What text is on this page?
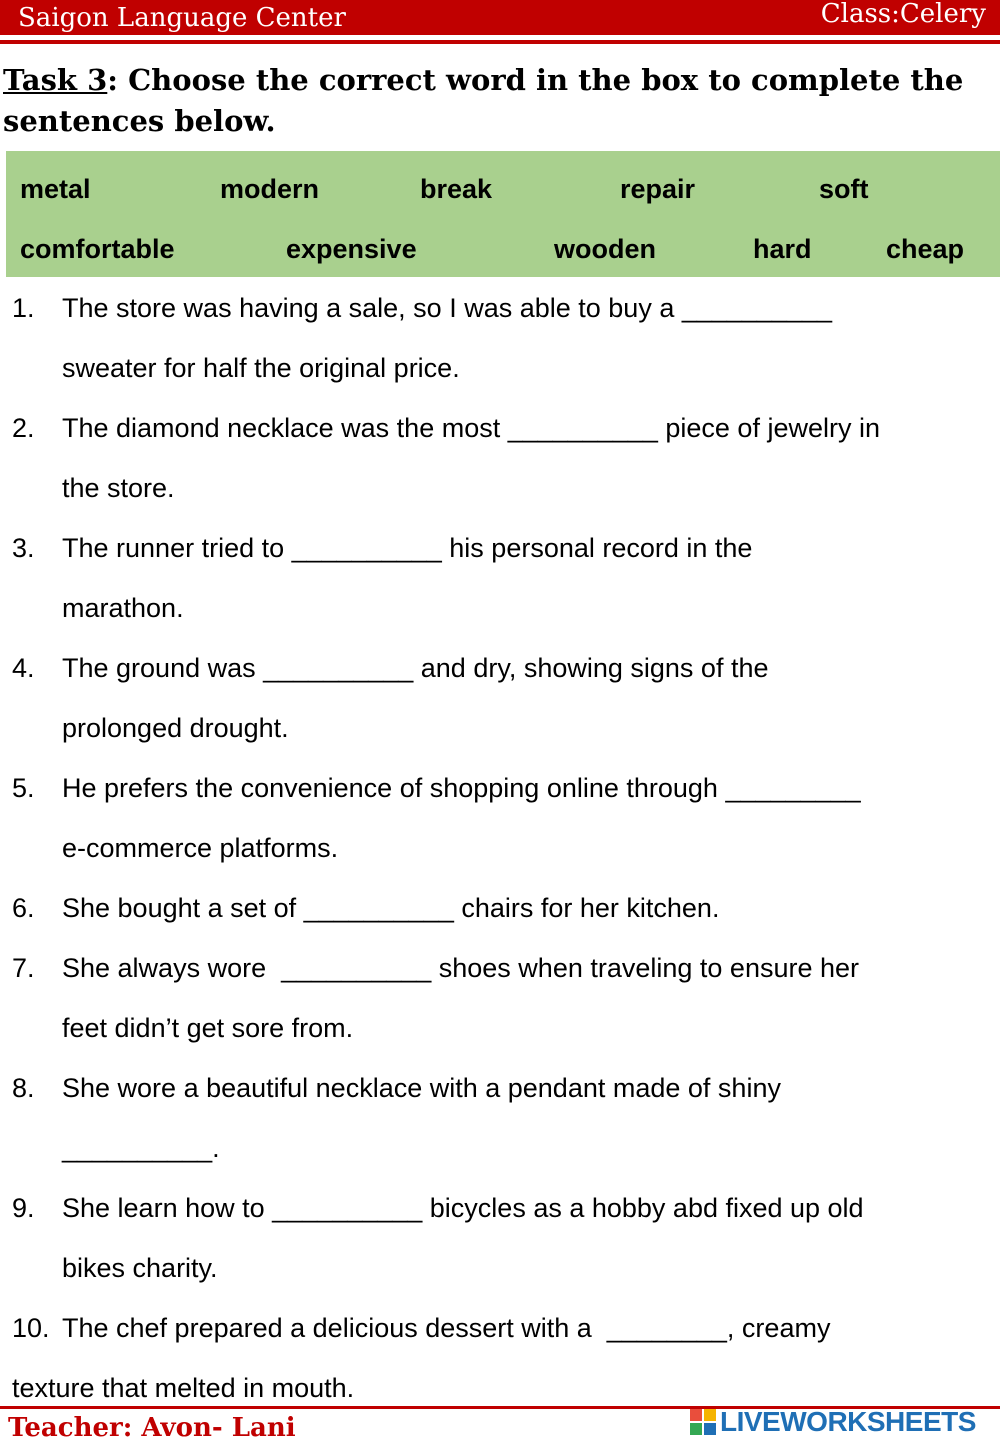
Saigon Language Center	Class:Celery
Task 3: Choose the correct word in the box to complete the sentences below.
metal	modern	break	repair	soft
comfortable	expensive	wooden	hard	cheap
1. The store was having a sale, so I was able to buy a __________
sweater for half the original price.
2. The diamond necklace was the most __________ piece of jewelry in
the store.
3. The runner tried to __________ his personal record in the
marathon.
4. The ground was __________ and dry, showing signs of the
prolonged drought.
5. He prefers the convenience of shopping online through _________
e-commerce platforms.
6. She bought a set of __________ chairs for her kitchen.
7. She always wore  __________ shoes when traveling to ensure her
feet didn’t get sore from.
8. She wore a beautiful necklace with a pendant made of shiny
__________.
9. She learn how to __________ bicycles as a hobby abd fixed up old
bikes charity.
10. The chef prepared a delicious dessert with a  ________, creamy
texture that melted in mouth.
Teacher: Avon- Lani	LIVEWORKSHEETS
